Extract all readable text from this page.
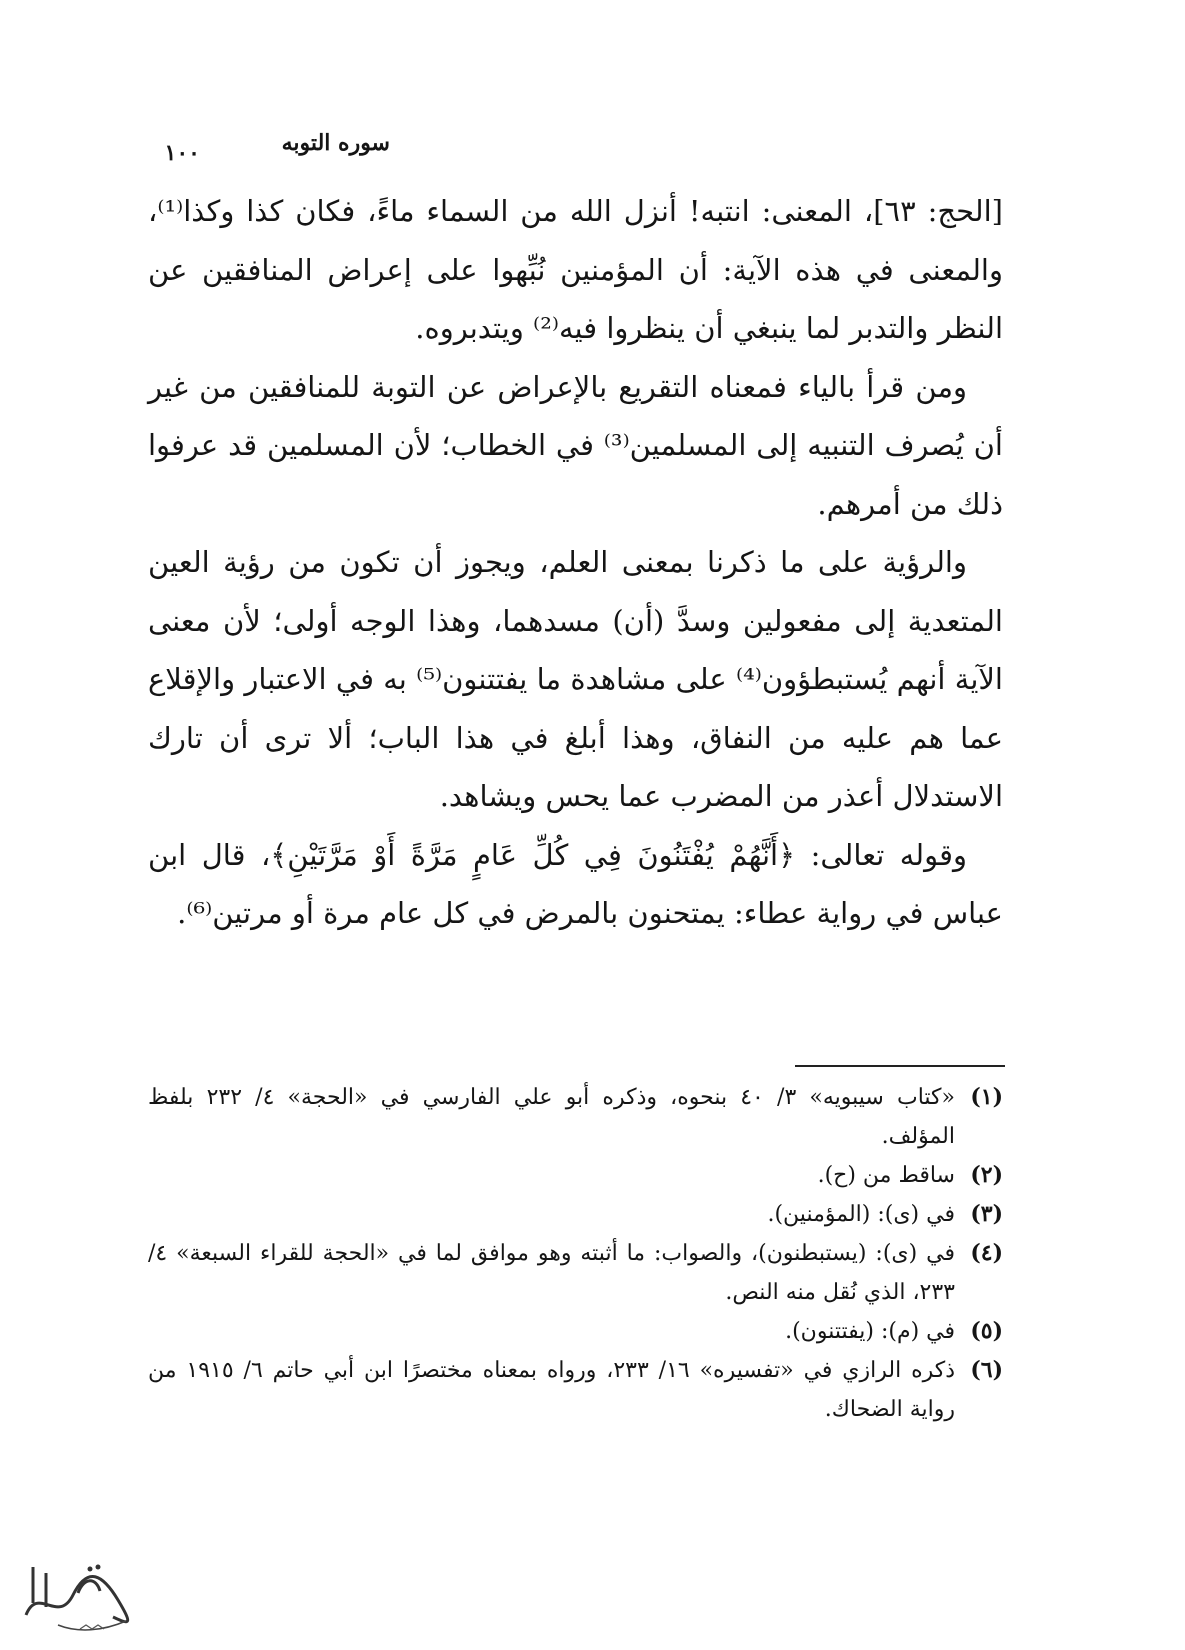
سوره التوبه
١٠٠

[الحج: ٦٣]، المعنى: انتبه! أنزل الله من السماء ماءً، فكان كذا وكذا⁽¹⁾، والمعنى في هذه الآية: أن المؤمنين نُبِّهوا على إعراض المنافقين عن النظر والتدبر لما ينبغي أن ينظروا فيه⁽²⁾ ويتدبروه.

ومن قرأ بالياء فمعناه التقريع بالإعراض عن التوبة للمنافقين من غير أن يُصرف التنبيه إلى المسلمين⁽³⁾ في الخطاب؛ لأن المسلمين قد عرفوا ذلك من أمرهم.

والرؤية على ما ذكرنا بمعنى العلم، ويجوز أن تكون من رؤية العين المتعدية إلى مفعولين وسدَّ (أن) مسدهما، وهذا الوجه أولى؛ لأن معنى الآية أنهم يُستبطؤون⁽⁴⁾ على مشاهدة ما يفتتنون⁽⁵⁾ به في الاعتبار والإقلاع عما هم عليه من النفاق، وهذا أبلغ في هذا الباب؛ ألا ترى أن تارك الاستدلال أعذر من المضرب عما يحس ويشاهد.

وقوله تعالى: ﴿أَنَّهُمْ يُفْتَنُونَ فِي كُلِّ عَامٍ مَرَّةً أَوْ مَرَّتَيْنِ﴾، قال ابن عباس في رواية عطاء: يمتحنون بالمرض في كل عام مرة أو مرتين⁽⁶⁾.

(١)
«كتاب سيبويه» ٣/ ٤٠ بنحوه، وذكره أبو علي الفارسي في «الحجة» ٤/ ٢٣٢ بلفظ المؤلف.
(٢)
ساقط من (ح).
(٣)
في (ى): (المؤمنين).
(٤)
في (ى): (يستبطنون)، والصواب: ما أثبته وهو موافق لما في «الحجة للقراء السبعة» ٤/ ٢٣٣، الذي نُقل منه النص.
(٥)
في (م): (يفتتنون).
(٦)
ذكره الرازي في «تفسيره» ١٦/ ٢٣٣، ورواه بمعناه مختصرًا ابن أبي حاتم ٦/ ١٩١٥ من رواية الضحاك.
